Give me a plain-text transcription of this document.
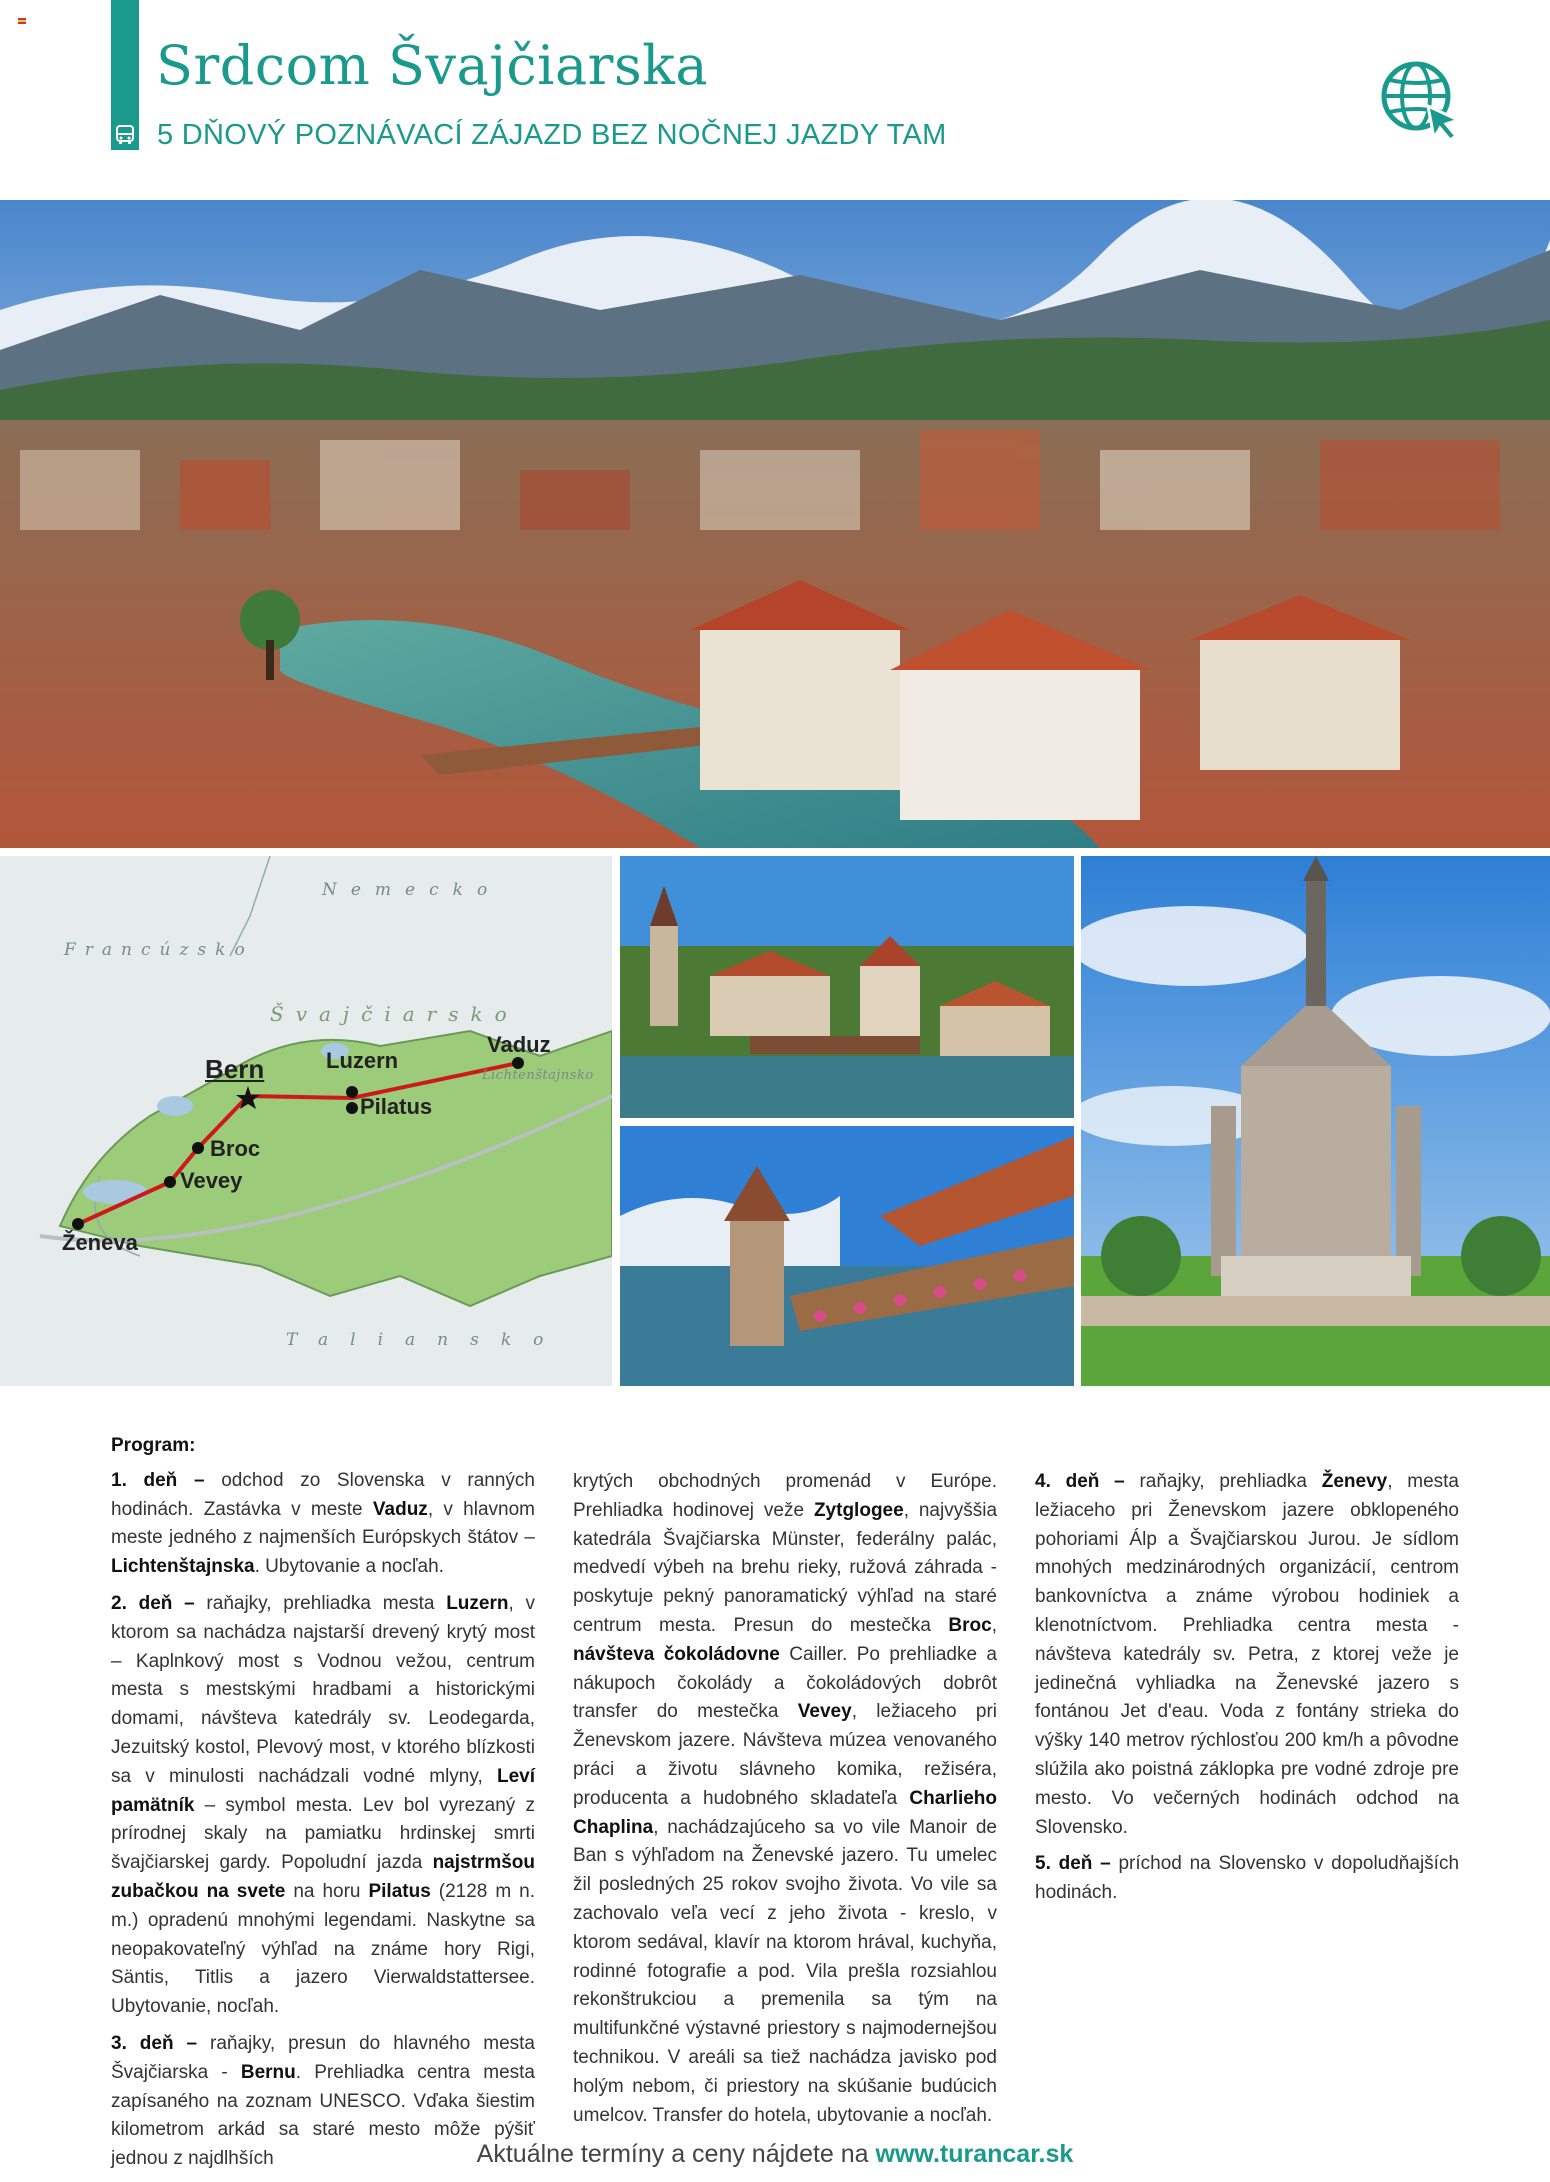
Srdcom Švajčiarska
5 DŇOVÝ POZNÁVACÍ ZÁJAZD BEZ NOČNEJ JAZDY TAM
Nemecko
Francúzsko
Švajčiarsko
Taliansko
Lichtenštajnsko
Bern	Luzern
Vaduz
Pilatus
Broc
Vevey
Ženeva
Program:

1. deň – odchod zo Slovenska v ranných hodinách. Zastávka v meste Vaduz, v hlavnom meste jedného z najmenších Európskych štátov – Lichtenštajnska. Ubytovanie a nocľah.

2. deň – raňajky, prehliadka mesta Luzern, v ktorom sa nachádza najstarší drevený krytý most – Kaplnkový most s Vodnou vežou, centrum mesta s mestskými hradbami a historickými domami, návšteva katedrály sv. Leodegarda, Jezuitský kostol, Plevový most, v ktorého blízkosti sa v minulosti nachádzali vodné mlyny, Leví pamätník – symbol mesta. Lev bol vyrezaný z prírodnej skaly na pamiatku hrdinskej smrti švajčiarskej gardy. Popoludní jazda najstrmšou zubačkou na svete na horu Pilatus (2128 m n. m.) opradenú mnohými legendami. Naskytne sa neopakovateľný výhľad na známe hory Rigi, Säntis, Titlis a jazero Vierwaldstattersee. Ubytovanie, nocľah.

3. deň – raňajky, presun do hlavného mesta Švajčiarska - Bernu. Prehliadka centra mesta zapísaného na zoznam UNESCO. Vďaka šiestim kilometrom arkád sa staré mesto môže pýšiť jednou z najdlhších

krytých obchodných promenád v Európe. Prehliadka hodinovej veže Zytglogee, najvyššia katedrála Švajčiarska Münster, federálny palác, medvedí výbeh na brehu rieky, ružová záhrada - poskytuje pekný panoramatický výhľad na staré centrum mesta. Presun do mestečka Broc, návšteva čokoládovne Cailler. Po prehliadke a nákupoch čokolády a čokoládových dobrôt transfer do mestečka Vevey, ležiaceho pri Ženevskom jazere. Návšteva múzea venovaného práci a životu slávneho komika, režiséra, producenta a hudobného skladateľa Charlieho Chaplina, nachádzajúceho sa vo vile Manoir de Ban s výhľadom na Ženevské jazero. Tu umelec žil posledných 25 rokov svojho života. Vo vile sa zachovalo veľa vecí z jeho života - kreslo, v ktorom sedával, klavír na ktorom hrával, kuchyňa, rodinné fotografie a pod. Vila prešla rozsiahlou rekonštrukciou a premenila sa tým na multifunkčné výstavné priestory s najmodernejšou technikou. V areáli sa tiež nachádza javisko pod holým nebom, či priestory na skúšanie budúcich umelcov. Transfer do hotela, ubytovanie a nocľah.

4. deň – raňajky, prehliadka Ženevy, mesta ležiaceho pri Ženevskom jazere obklopeného pohoriami Álp a Švajčiarskou Jurou. Je sídlom mnohých medzinárodných organizácií, centrom bankovníctva a známe výrobou hodiniek a klenotníctvom. Prehliadka centra mesta - návšteva katedrály sv. Petra, z ktorej veže je jedinečná vyhliadka na Ženevské jazero s fontánou Jet d'eau. Voda z fontány strieka do výšky 140 metrov rýchlosťou 200 km/h a pôvodne slúžila ako poistná záklopka pre vodné zdroje pre mesto. Vo večerných hodinách odchod na Slovensko.

5. deň – príchod na Slovensko v dopoludňajších hodinách.

Aktuálne termíny a ceny nájdete na www.turancar.sk
